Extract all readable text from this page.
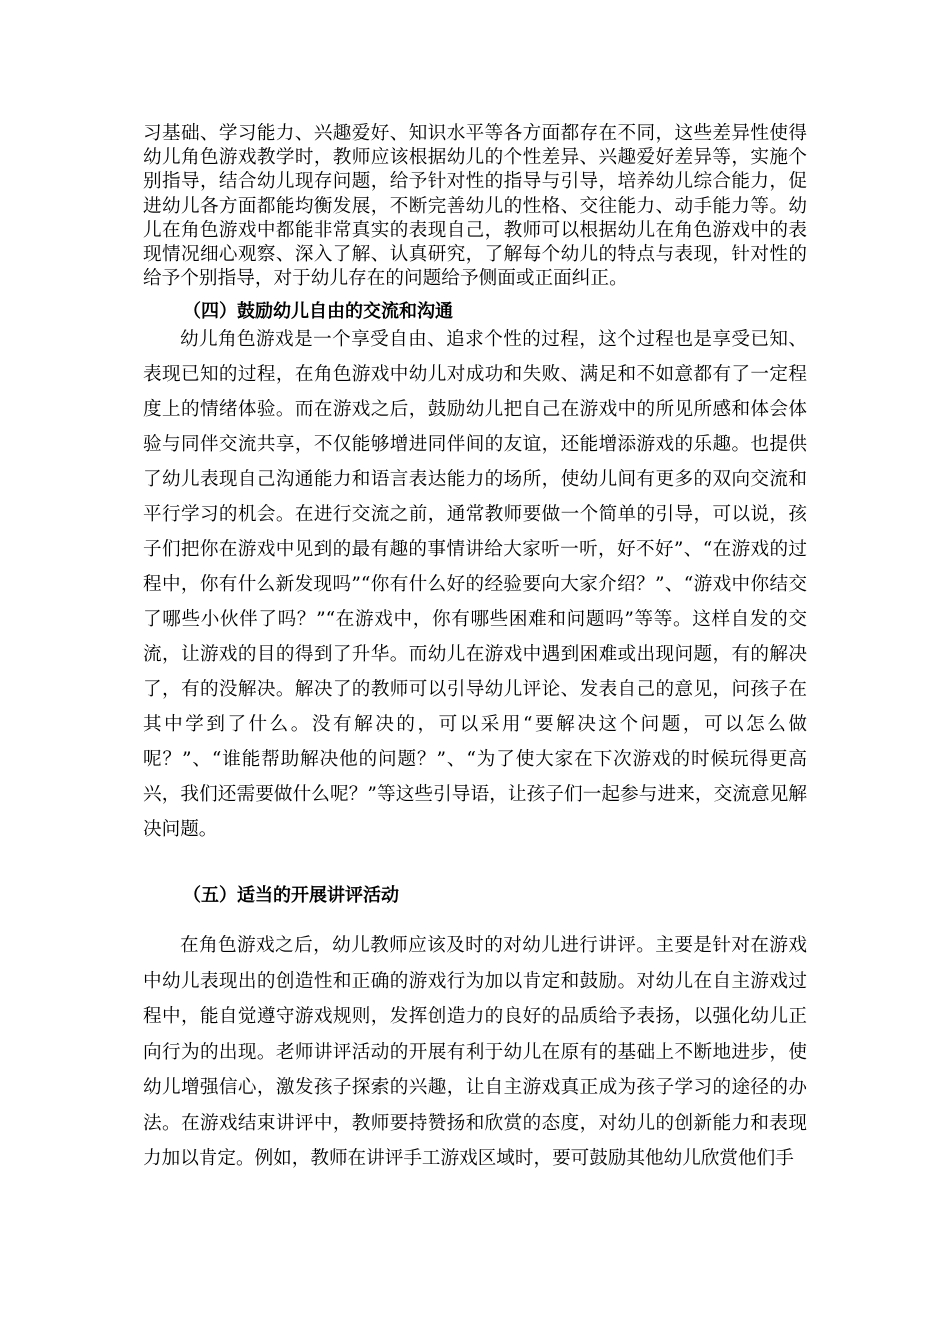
习基础、学习能力、兴趣爱好、知识水平等各方面都存在不同，这些差异性使得幼儿角色游戏教学时，教师应该根据幼儿的个性差异、兴趣爱好差异等，实施个别指导，结合幼儿现存问题，给予针对性的指导与引导，培养幼儿综合能力，促进幼儿各方面都能均衡发展，不断完善幼儿的性格、交往能力、动手能力等。幼儿在角色游戏中都能非常真实的表现自己，教师可以根据幼儿在角色游戏中的表现情况细心观察、深入了解、认真研究，了解每个幼儿的特点与表现，针对性的给予个别指导，对于幼儿存在的问题给予侧面或正面纠正。

（四）鼓励幼儿自由的交流和沟通

幼儿角色游戏是一个享受自由、追求个性的过程，这个过程也是享受已知、表现已知的过程，在角色游戏中幼儿对成功和失败、满足和不如意都有了一定程度上的情绪体验。而在游戏之后，鼓励幼儿把自己在游戏中的所见所感和体会体验与同伴交流共享，不仅能够增进同伴间的友谊，还能增添游戏的乐趣。也提供了幼儿表现自己沟通能力和语言表达能力的场所，使幼儿间有更多的双向交流和平行学习的机会。在进行交流之前，通常教师要做一个简单的引导，可以说，孩子们把你在游戏中见到的最有趣的事情讲给大家听一听，好不好”、“在游戏的过程中，你有什么新发现吗”“你有什么好的经验要向大家介绍？”、“游戏中你结交了哪些小伙伴了吗？”“在游戏中，你有哪些困难和问题吗”等等。这样自发的交流，让游戏的目的得到了升华。而幼儿在游戏中遇到困难或出现问题，有的解决了，有的没解决。解决了的教师可以引导幼儿评论、发表自己的意见，问孩子在其中学到了什么。没有解决的，可以采用“要解决这个问题，可以怎么做呢？”、“谁能帮助解决他的问题？”、“为了使大家在下次游戏的时候玩得更高兴，我们还需要做什么呢？”等这些引导语，让孩子们一起参与进来，交流意见解决问题。

（五）适当的开展讲评活动

在角色游戏之后，幼儿教师应该及时的对幼儿进行讲评。主要是针对在游戏中幼儿表现出的创造性和正确的游戏行为加以肯定和鼓励。对幼儿在自主游戏过程中，能自觉遵守游戏规则，发挥创造力的良好的品质给予表扬，以强化幼儿正向行为的出现。老师讲评活动的开展有利于幼儿在原有的基础上不断地进步，使幼儿增强信心，激发孩子探索的兴趣，让自主游戏真正成为孩子学习的途径的办法。在游戏结束讲评中，教师要持赞扬和欣赏的态度，对幼儿的创新能力和表现力加以肯定。例如，教师在讲评手工游戏区域时，要可鼓励其他幼儿欣赏他们手
